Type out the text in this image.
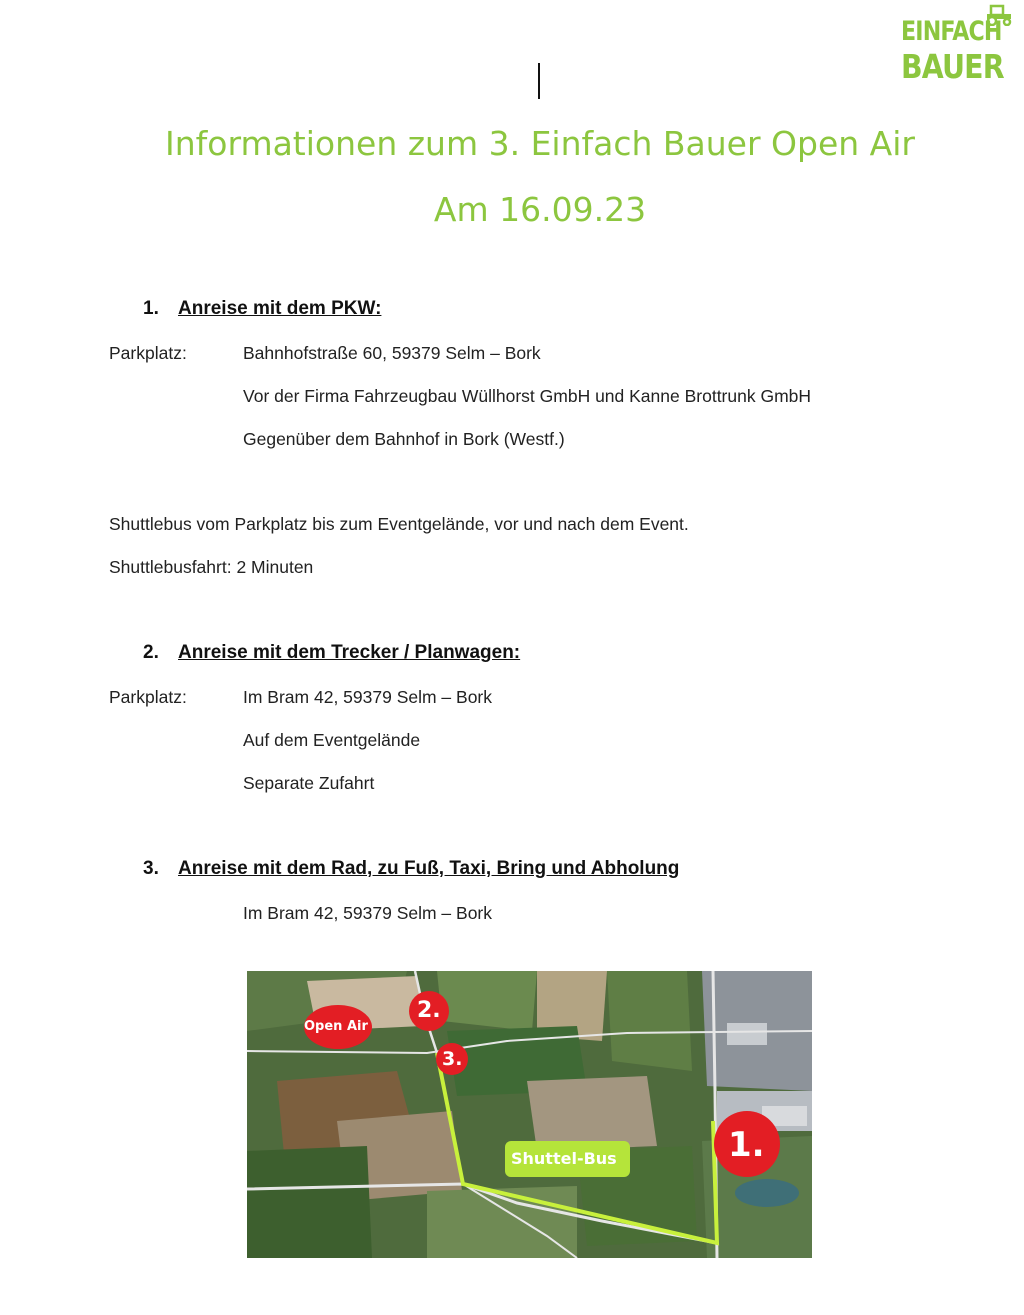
EINFACH
BAUER
Informationen zum 3. Einfach Bauer Open Air
Am 16.09.23
1. Anreise mit dem PKW:
Parkplatz:	Bahnhofstraße 60, 59379 Selm – Bork
Vor der Firma Fahrzeugbau Wüllhorst GmbH und Kanne Brottrunk GmbH
Gegenüber dem Bahnhof in Bork (Westf.)
Shuttlebus vom Parkplatz bis zum Eventgelände, vor und nach dem Event.
Shuttlebusfahrt: 2 Minuten
2. Anreise mit dem Trecker / Planwagen:
Parkplatz:	Im Bram 42, 59379 Selm – Bork
Auf dem Eventgelände
Separate Zufahrt
3. Anreise mit dem Rad, zu Fuß, Taxi, Bring und Abholung
Im Bram 42, 59379 Selm – Bork
Open Air
2.
3.
1.
Shuttel-Bus
